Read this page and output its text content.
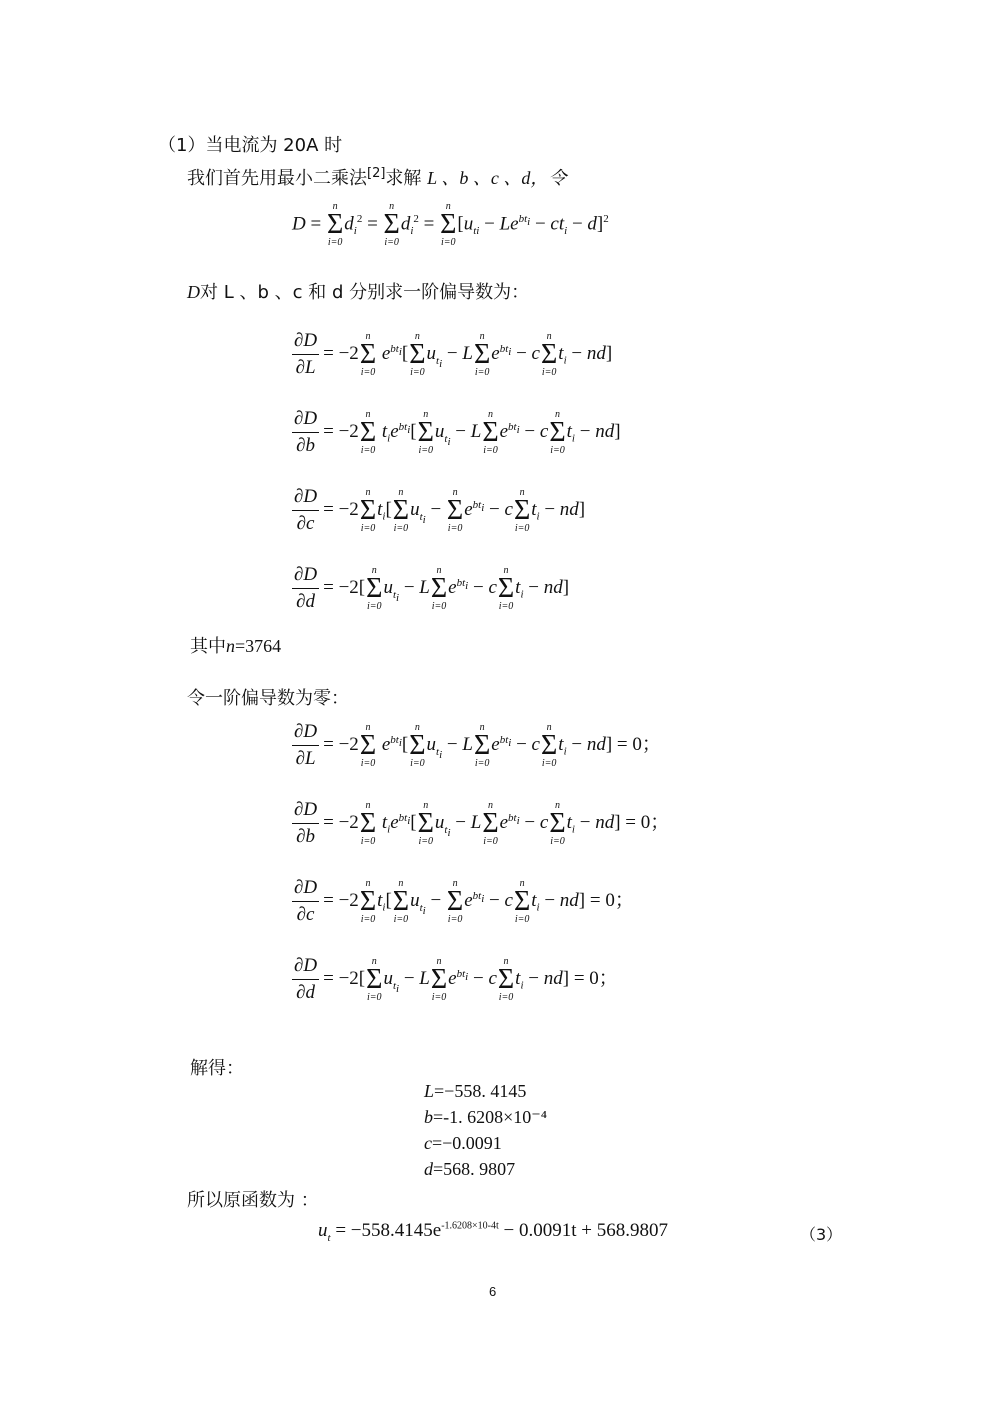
（1）当电流为 20A 时
我们首先用最小二乘法[2]求解 L 、b 、c 、d，令
D =
n
Σ
i=0
$d_i^2$ =
n
Σ
i=0
$d_i^2$ =
n
Σ
i=0
$[u_{ti} - Le^{bt_i} - ct_i - d]^2$
D对 L 、b 、c 和 d 分别求一阶偏导数为：
$\frac{\partial D}{\partial L} = -2$
n
Σ
i=0
$e^{bt_i}$[
n
Σ
i=0
$u_{t_i} - L$
n
Σ
i=0
$e^{bt_i} - c$
n
Σ
i=0
$t_i - nd$]
$\frac{\partial D}{\partial b} = -2$
n
Σ
i=0
$t_ie^{bt_i}$[
n
Σ
i=0
$u_{t_i} - L$
n
Σ
i=0
$e^{bt_i} - c$
n
Σ
i=0
$t_i - nd$]
$\frac{\partial D}{\partial c} = -2$
n
Σ
i=0
$t_i$[
n
Σ
i=0
$u_{t_i}$ −
n
Σ
i=0
$e^{bt_i} - c$
n
Σ
i=0
$t_i - nd$]
$\frac{\partial D}{\partial d} = -2$[
n
Σ
i=0
$u_{t_i} - L$
n
Σ
i=0
$e^{bt_i} - c$
n
Σ
i=0
$t_i - nd$]
其中n=3764
令一阶偏导数为零：
$\frac{\partial D}{\partial L} = -2$
n
Σ
i=0
$e^{bt_i}$[
n
Σ
i=0
$u_{t_i} - L$
n
Σ
i=0
$e^{bt_i} - c$
n
Σ
i=0
$t_i - nd] = 0$；
$\frac{\partial D}{\partial b} = -2$
n
Σ
i=0
$t_ie^{bt_i}$[
n
Σ
i=0
$u_{t_i} - L$
n
Σ
i=0
$e^{bt_i} - c$
n
Σ
i=0
$t_i - nd] = 0$；
$\frac{\partial D}{\partial c} = -2$
n
Σ
i=0
$t_i$[
n
Σ
i=0
$u_{t_i}$ −
n
Σ
i=0
$e^{bt_i} - c$
n
Σ
i=0
$t_i - nd] = 0$；
$\frac{\partial D}{\partial d} = -2$[
n
Σ
i=0
$u_{t_i} - L$
n
Σ
i=0
$e^{bt_i} - c$
n
Σ
i=0
$t_i - nd] = 0$；
解得：
L=−558. 4145
b=-1. 6208×10⁻⁴
c=−0.0091
d=568. 9807
所以原函数为 ：
$u_t = -558.4145e^{-1.6208\times 10-4t} - 0.0091t + 568.9807$	（3）
6
